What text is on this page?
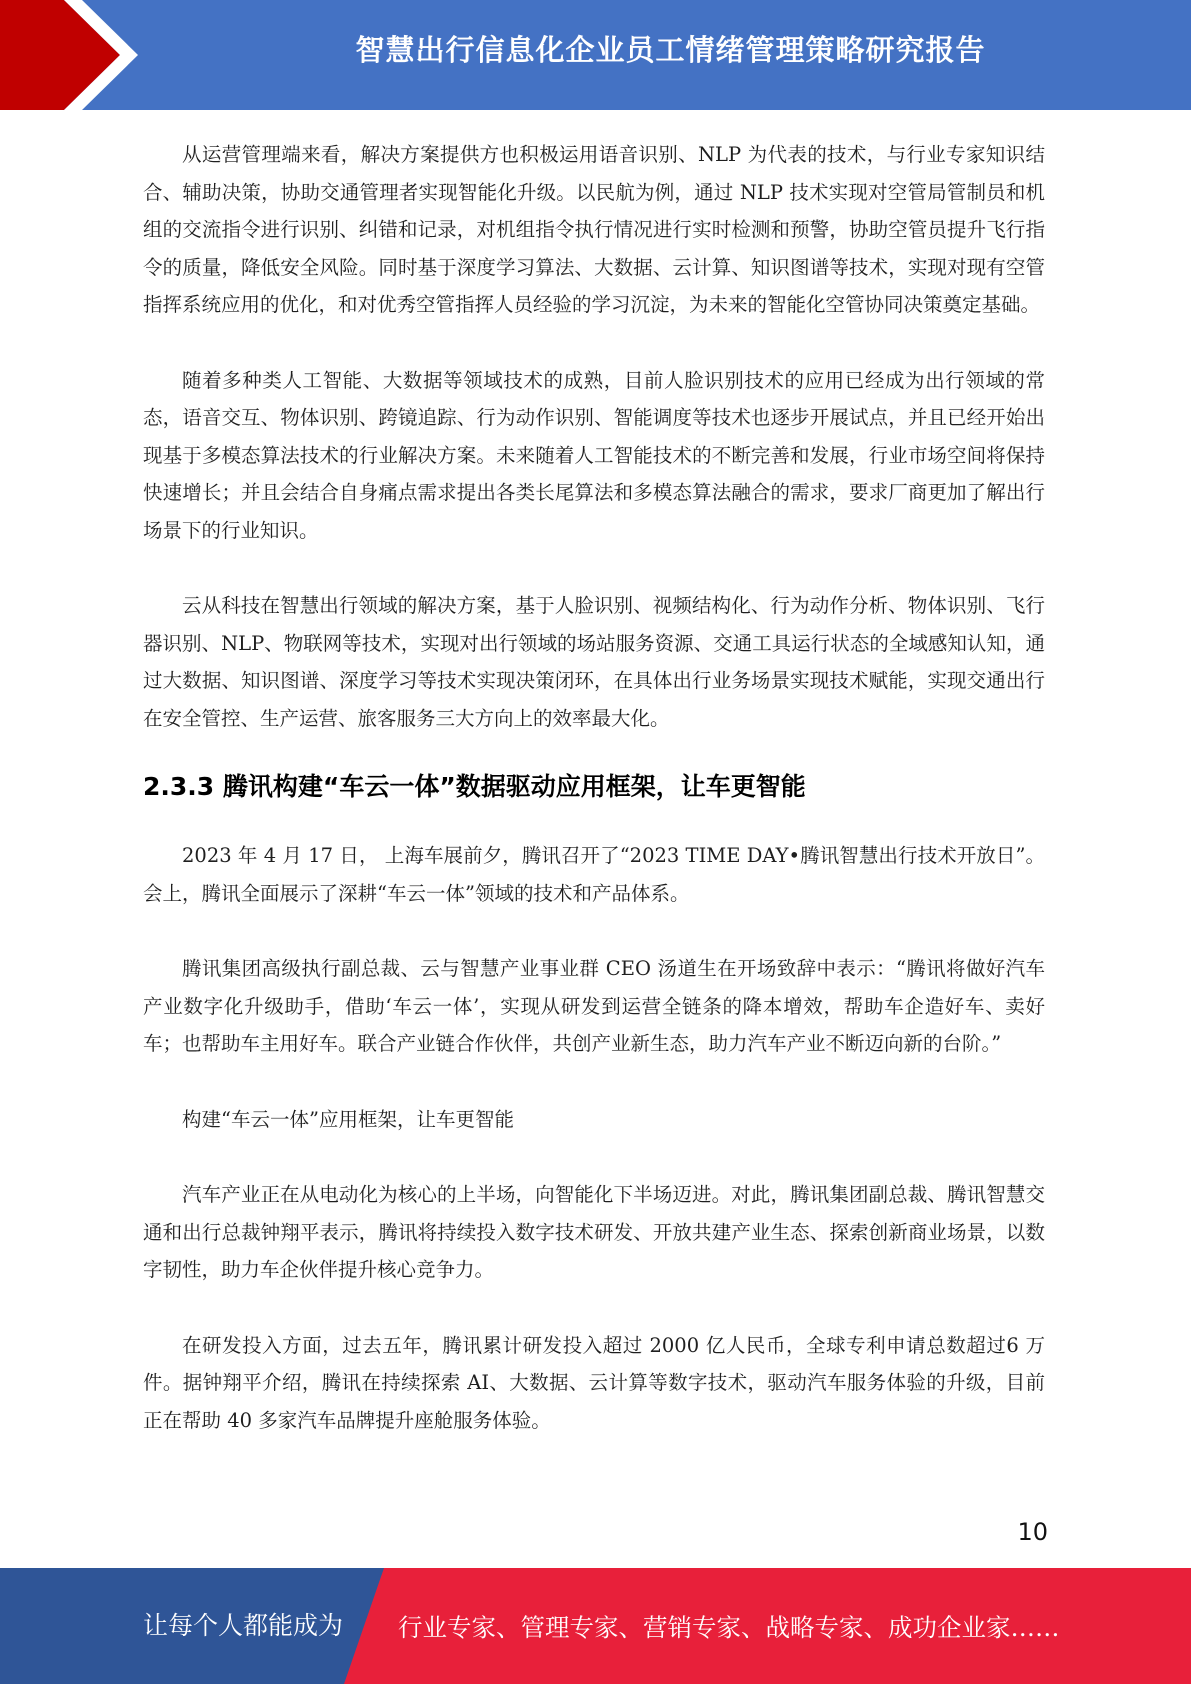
智慧出行信息化企业员工情绪管理策略研究报告

从运营管理端来看，解决方案提供方也积极运用语音识别、NLP 为代表的技术，与行业专家知识结合、辅助决策，协助交通管理者实现智能化升级。以民航为例，通过 NLP 技术实现对空管局管制员和机组的交流指令进行识别、纠错和记录，对机组指令执行情况进行实时检测和预警，协助空管员提升飞行指令的质量，降低安全风险。同时基于深度学习算法、大数据、云计算、知识图谱等技术，实现对现有空管指挥系统应用的优化，和对优秀空管指挥人员经验的学习沉淀，为未来的智能化空管协同决策奠定基础。

随着多种类人工智能、大数据等领域技术的成熟，目前人脸识别技术的应用已经成为出行领域的常态，语音交互、物体识别、跨镜追踪、行为动作识别、智能调度等技术也逐步开展试点，并且已经开始出现基于多模态算法技术的行业解决方案。未来随着人工智能技术的不断完善和发展，行业市场空间将保持快速增长；并且会结合自身痛点需求提出各类长尾算法和多模态算法融合的需求，要求厂商更加了解出行场景下的行业知识。

云从科技在智慧出行领域的解决方案，基于人脸识别、视频结构化、行为动作分析、物体识别、飞行器识别、NLP、物联网等技术，实现对出行领域的场站服务资源、交通工具运行状态的全域感知认知，通过大数据、知识图谱、深度学习等技术实现决策闭环，在具体出行业务场景实现技术赋能，实现交通出行在安全管控、生产运营、旅客服务三大方向上的效率最大化。

2.3.3 腾讯构建“车云一体”数据驱动应用框架，让车更智能

2023 年 4 月 17 日， 上海车展前夕，腾讯召开了“2023 TIME DAY•腾讯智慧出行技术开放日”。会上，腾讯全面展示了深耕“车云一体”领域的技术和产品体系。

腾讯集团高级执行副总裁、云与智慧产业事业群 CEO 汤道生在开场致辞中表示：“腾讯将做好汽车产业数字化升级助手，借助‘车云一体’，实现从研发到运营全链条的降本增效，帮助车企造好车、卖好车；也帮助车主用好车。联合产业链合作伙伴，共创产业新生态，助力汽车产业不断迈向新的台阶。”

构建“车云一体”应用框架，让车更智能

汽车产业正在从电动化为核心的上半场，向智能化下半场迈进。对此，腾讯集团副总裁、腾讯智慧交通和出行总裁钟翔平表示，腾讯将持续投入数字技术研发、开放共建产业生态、探索创新商业场景，以数字韧性，助力车企伙伴提升核心竞争力。

在研发投入方面，过去五年，腾讯累计研发投入超过 2000 亿人民币，全球专利申请总数超过6 万件。据钟翔平介绍，腾讯在持续探索 AI、大数据、云计算等数字技术，驱动汽车服务体验的升级，目前正在帮助 40 多家汽车品牌提升座舱服务体验。

10
让每个人都能成为 行业专家、管理专家、营销专家、战略专家、成功企业家……
